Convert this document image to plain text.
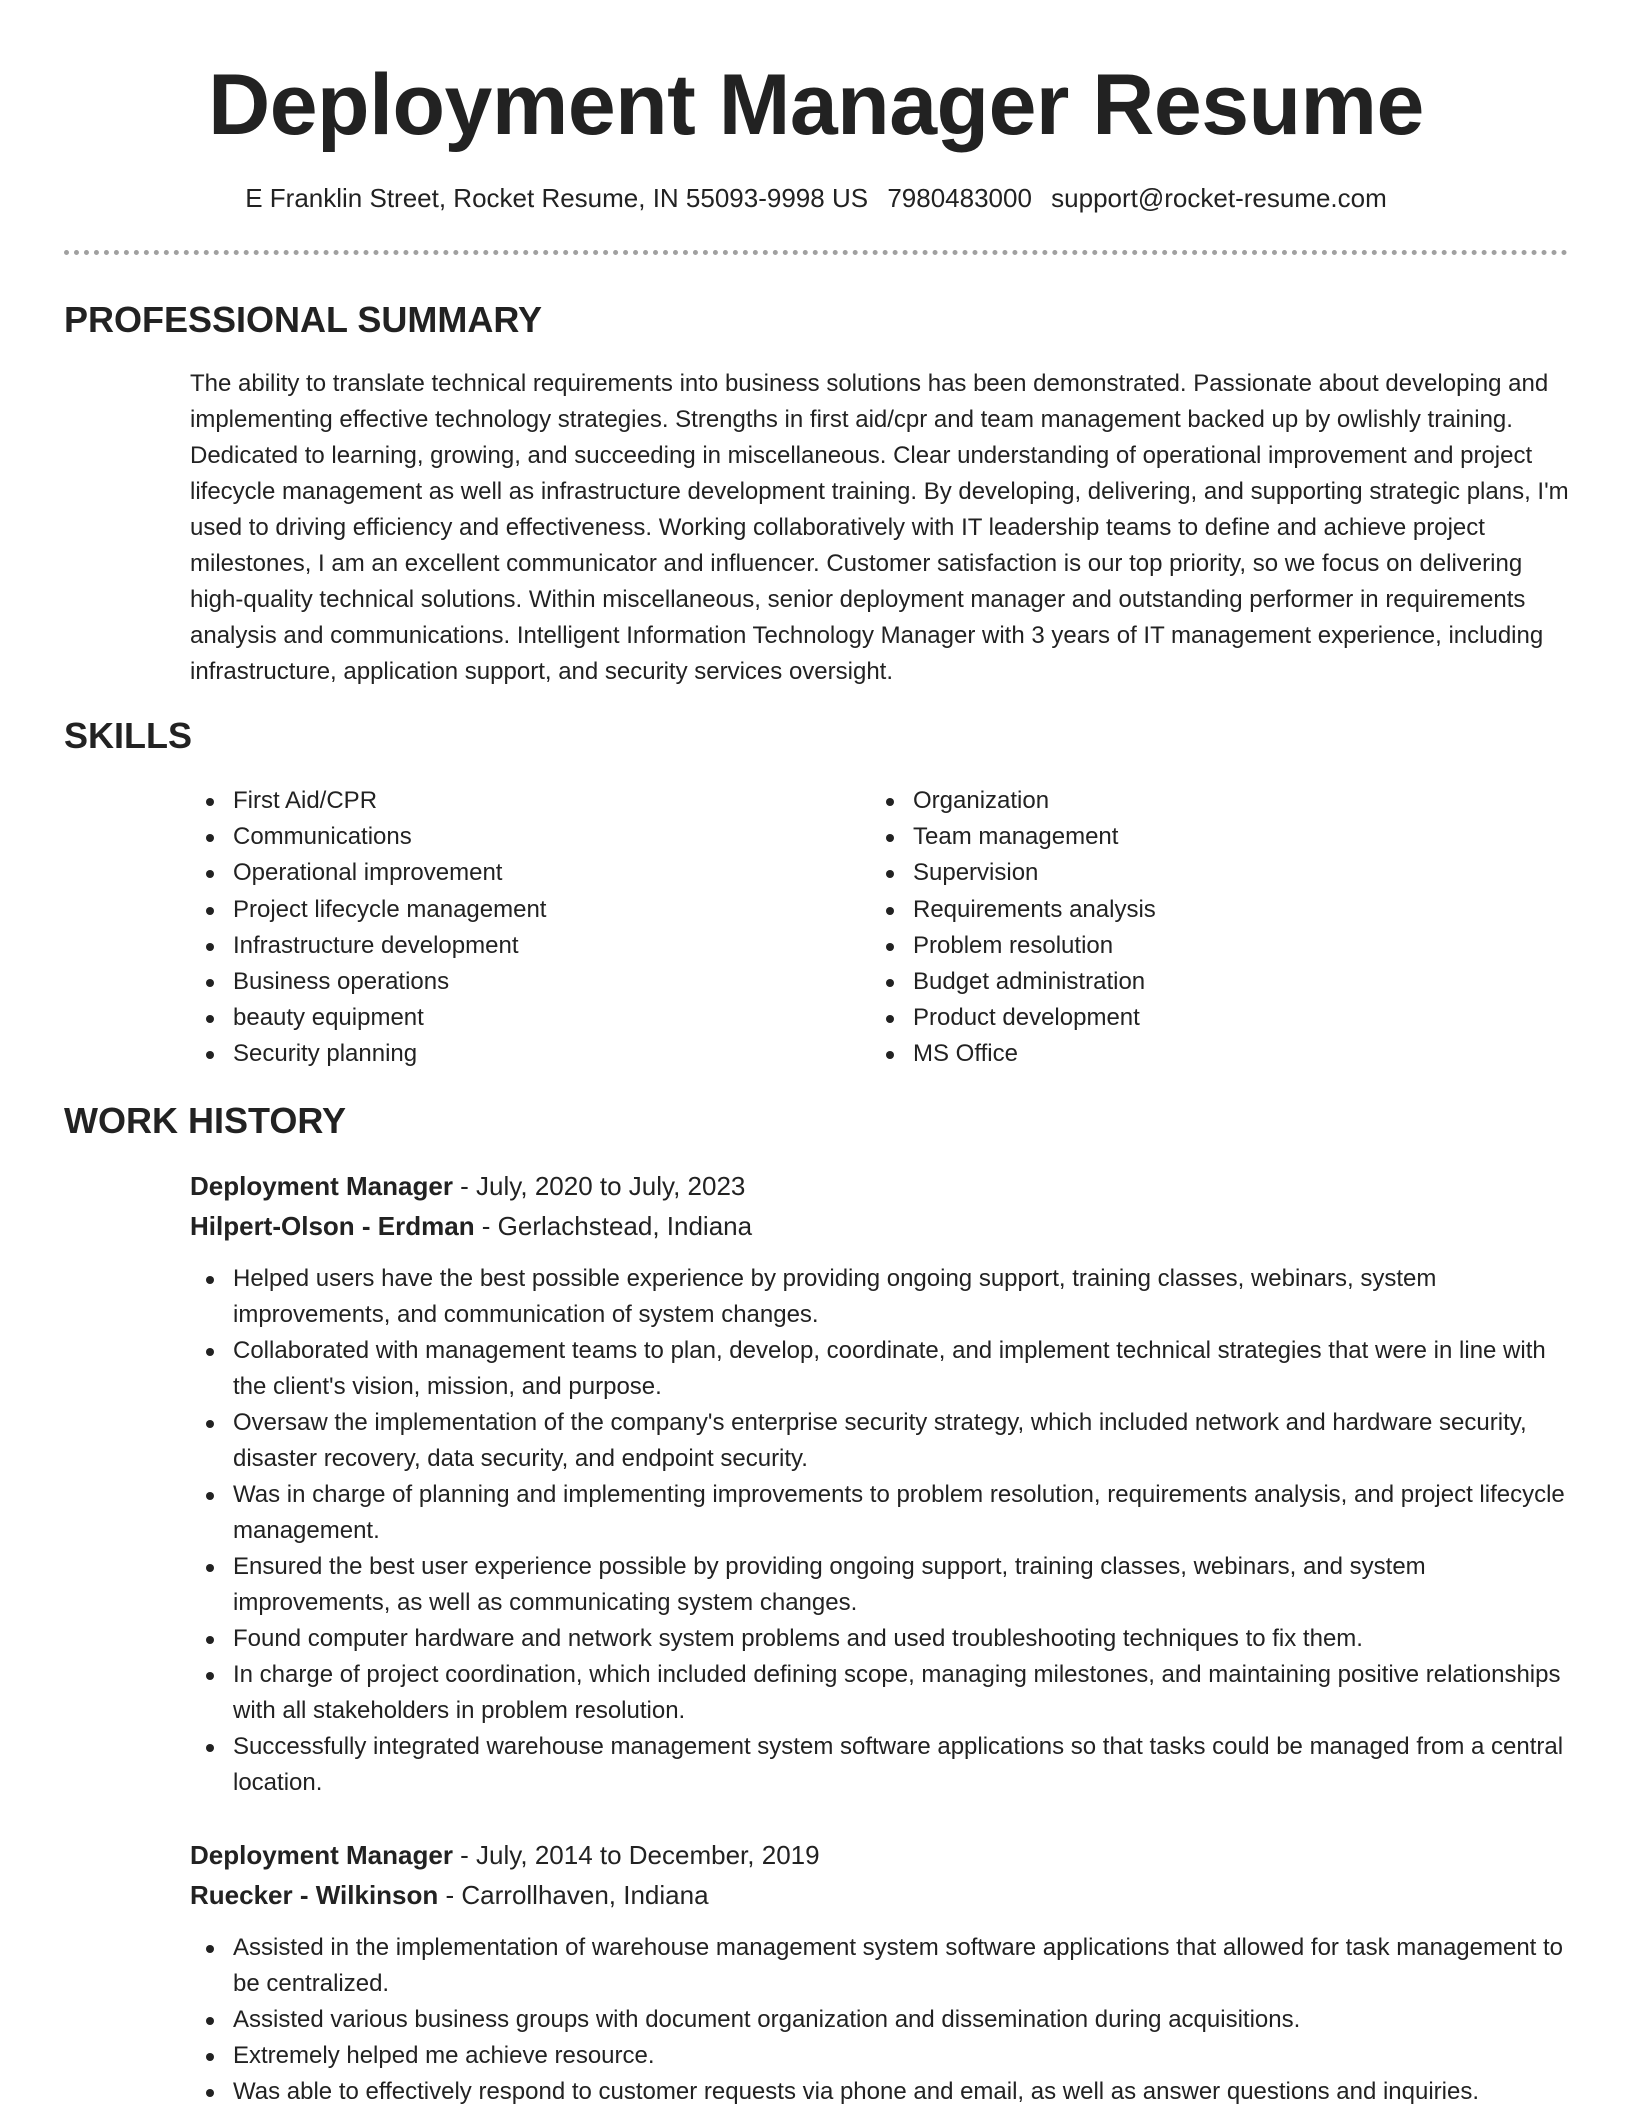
Deployment Manager Resume
E Franklin Street, Rocket Resume, IN 55093-9998 US 7980483000 support@rocket-resume.com
PROFESSIONAL SUMMARY

The ability to translate technical requirements into business solutions has been demonstrated. Passionate about developing and implementing effective technology strategies. Strengths in first aid/cpr and team management backed up by owlishly training. Dedicated to learning, growing, and succeeding in miscellaneous. Clear understanding of operational improvement and project lifecycle management as well as infrastructure development training. By developing, delivering, and supporting strategic plans, I'm used to driving efficiency and effectiveness. Working collaboratively with IT leadership teams to define and achieve project milestones, I am an excellent communicator and influencer. Customer satisfaction is our top priority, so we focus on delivering high-quality technical solutions. Within miscellaneous, senior deployment manager and outstanding performer in requirements analysis and communications. Intelligent Information Technology Manager with 3 years of IT management experience, including infrastructure, application support, and security services oversight.

SKILLS
First Aid/CPR
Communications
Operational improvement
Project lifecycle management
Infrastructure development
Business operations
beauty equipment
Security planning
Organization
Team management
Supervision
Requirements analysis
Problem resolution
Budget administration
Product development
MS Office
WORK HISTORY
Deployment Manager - July, 2020 to July, 2023
Hilpert-Olson - Erdman - Gerlachstead, Indiana
Helped users have the best possible experience by providing ongoing support, training classes, webinars, system improvements, and communication of system changes.
Collaborated with management teams to plan, develop, coordinate, and implement technical strategies that were in line with the client's vision, mission, and purpose.
Oversaw the implementation of the company's enterprise security strategy, which included network and hardware security, disaster recovery, data security, and endpoint security.
Was in charge of planning and implementing improvements to problem resolution, requirements analysis, and project lifecycle management.
Ensured the best user experience possible by providing ongoing support, training classes, webinars, and system improvements, as well as communicating system changes.
Found computer hardware and network system problems and used troubleshooting techniques to fix them.
In charge of project coordination, which included defining scope, managing milestones, and maintaining positive relationships with all stakeholders in problem resolution.
Successfully integrated warehouse management system software applications so that tasks could be managed from a central location.
Deployment Manager - July, 2014 to December, 2019
Ruecker - Wilkinson - Carrollhaven, Indiana
Assisted in the implementation of warehouse management system software applications that allowed for task management to be centralized.
Assisted various business groups with document organization and dissemination during acquisitions.
Extremely helped me achieve resource.
Was able to effectively respond to customer requests via phone and email, as well as answer questions and inquiries.
